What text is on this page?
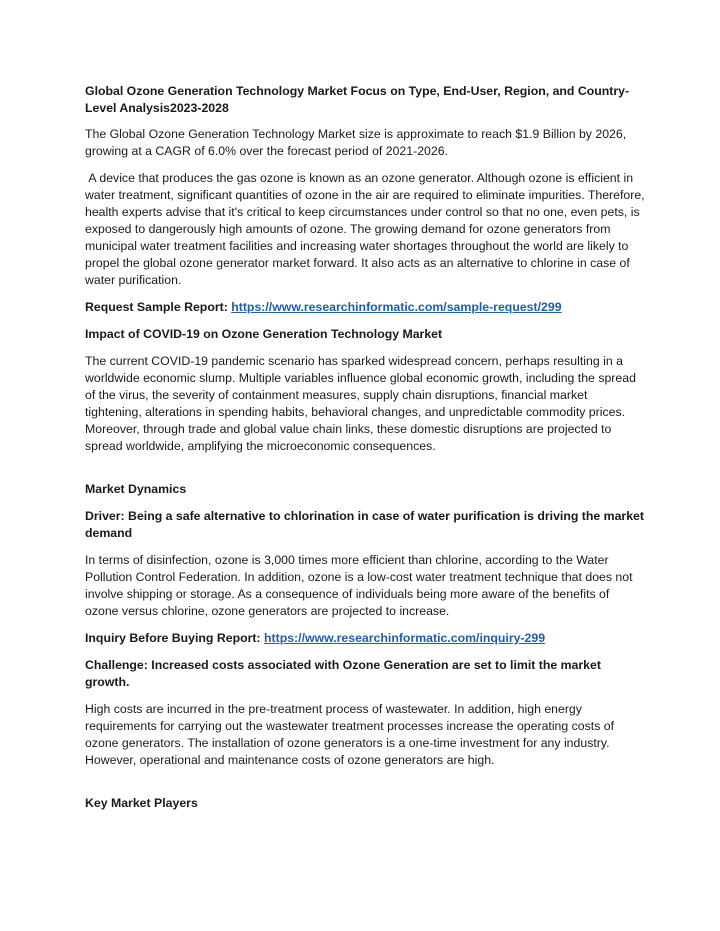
Global Ozone Generation Technology Market Focus on Type, End-User, Region, and Country-Level Analysis2023-2028

The Global Ozone Generation Technology Market size is approximate to reach $1.9 Billion by 2026, growing at a CAGR of 6.0% over the forecast period of 2021-2026.

A device that produces the gas ozone is known as an ozone generator. Although ozone is efficient in water treatment, significant quantities of ozone in the air are required to eliminate impurities. Therefore, health experts advise that it's critical to keep circumstances under control so that no one, even pets, is exposed to dangerously high amounts of ozone. The growing demand for ozone generators from municipal water treatment facilities and increasing water shortages throughout the world are likely to propel the global ozone generator market forward. It also acts as an alternative to chlorine in case of water purification.

Request Sample Report: https://www.researchinformatic.com/sample-request/299

Impact of COVID-19 on Ozone Generation Technology Market

The current COVID-19 pandemic scenario has sparked widespread concern, perhaps resulting in a worldwide economic slump. Multiple variables influence global economic growth, including the spread of the virus, the severity of containment measures, supply chain disruptions, financial market tightening, alterations in spending habits, behavioral changes, and unpredictable commodity prices. Moreover, through trade and global value chain links, these domestic disruptions are projected to spread worldwide, amplifying the microeconomic consequences.

Market Dynamics

Driver: Being a safe alternative to chlorination in case of water purification is driving the market demand

In terms of disinfection, ozone is 3,000 times more efficient than chlorine, according to the Water Pollution Control Federation. In addition, ozone is a low-cost water treatment technique that does not involve shipping or storage. As a consequence of individuals being more aware of the benefits of ozone versus chlorine, ozone generators are projected to increase.

Inquiry Before Buying Report: https://www.researchinformatic.com/inquiry-299

Challenge: Increased costs associated with Ozone Generation are set to limit the market growth.

High costs are incurred in the pre-treatment process of wastewater. In addition, high energy requirements for carrying out the wastewater treatment processes increase the operating costs of ozone generators. The installation of ozone generators is a one-time investment for any industry. However, operational and maintenance costs of ozone generators are high.

Key Market Players
